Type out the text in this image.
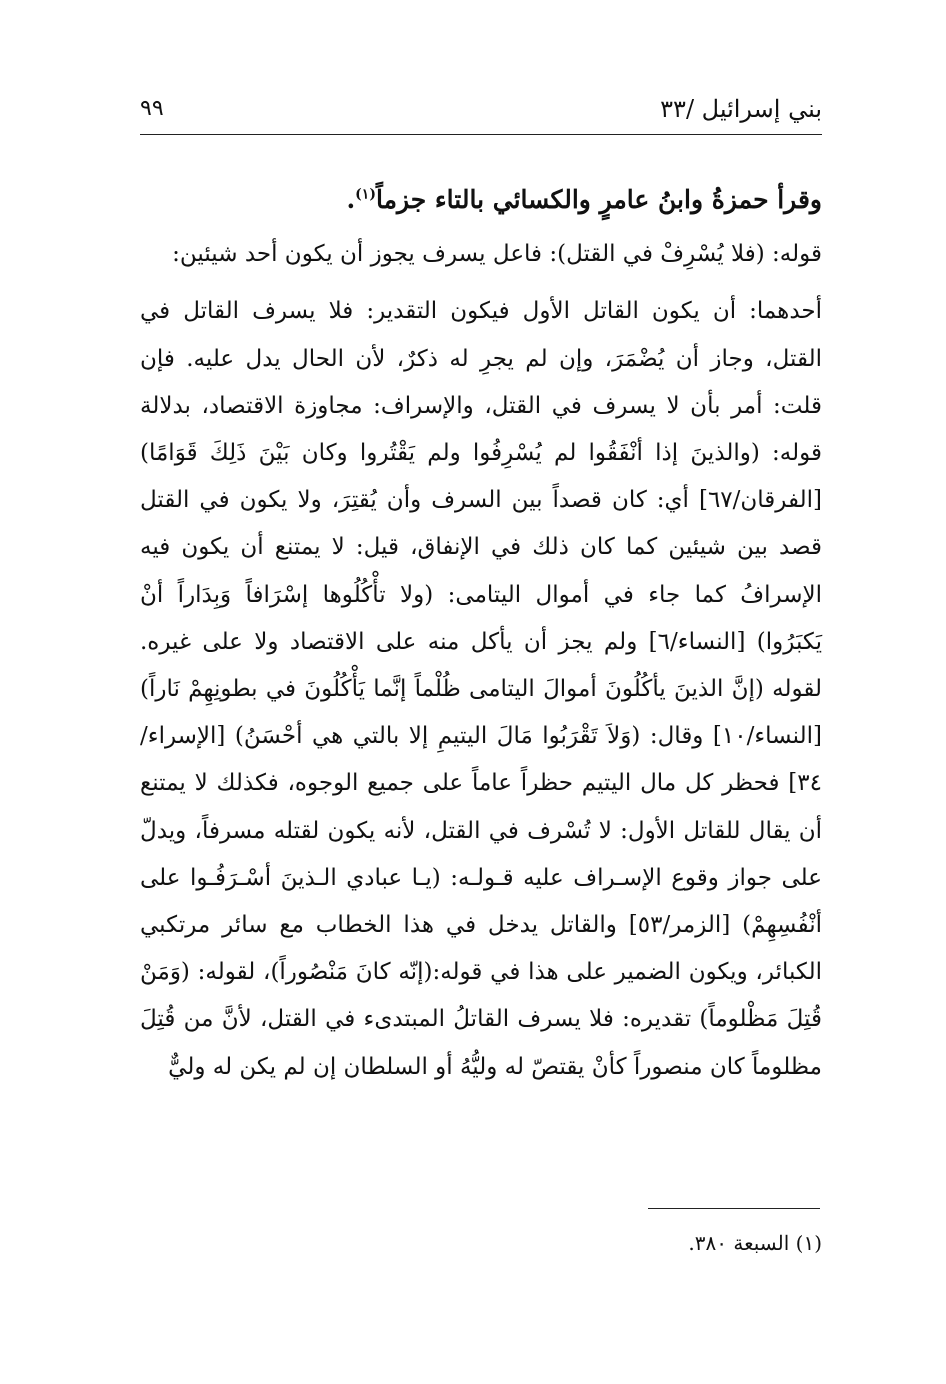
بني إسرائيل /٣٣
٩٩

وقرأ حمزةُ وابنُ عامرٍ والكسائي بالتاء جزماً$^{(١)}$.

قوله: (فلا يُسْرِفْ في القتل): فاعل يسرف يجوز أن يكون أحد شيئين:

أحدهما: أن يكون القاتل الأول فيكون التقدير: فلا يسرف القاتل في القتل، وجاز أن يُضْمَرَ، وإن لم يجرِ له ذكرٌ، لأن الحال يدل عليه. فإن قلت: أمر بأن لا يسرف في القتل، والإسراف: مجاوزة الاقتصاد، بدلالة قوله: (والذينَ إذا أنْفَقُوا لم يُسْرِفُوا ولم يَقْتُروا وكان بَيْنَ ذَلِكَ قَوَامًا) [الفرقان/٦٧] أي: كان قصداً بين السرف وأن يُقتِرَ، ولا يكون في القتل قصد بين شيئين كما كان ذلك في الإنفاق، قيل: لا يمتنع أن يكون فيه الإسرافُ كما جاء في أموال اليتامى: (ولا تأْكُلُوها إسْرَافاً وَبِدَاراً أنْ يَكبَرُوا) [النساء/٦] ولم يجز أن يأكل منه على الاقتصاد ولا على غيره. لقوله (إنَّ الذينَ يأكُلُونَ أموالَ اليتامى ظُلْماً إنَّما يَأْكُلُونَ في بطونِهِمْ نَاراً) [النساء/١٠] وقال: (وَلاَ تَقْرَبُوا مَالَ اليتيمِ إلا بالتي هي أحْسَنُ) [الإسراء/٣٤] فحظر كل مال اليتيم حظراً عاماً على جميع الوجوه، فكذلك لا يمتنع أن يقال للقاتل الأول: لا تُسْرف في القتل، لأنه يكون لقتله مسرفاً، ويدلّ على جواز وقوع الإسـراف عليه قـولـه: (يـا عبادي الـذينَ أسْـرَفُـوا على أنْفُسِهِمْ) [الزمر/٥٣] والقاتل يدخل في هذا الخطاب مع سائر مرتكبي الكبائر، ويكون الضمير على هذا في قوله:(إنّه كانَ مَنْصُوراً)، لقوله: (وَمَنْ قُتِلَ مَظْلوماً) تقديره: فلا يسرف القاتلُ المبتدىء في القتل، لأنَّ من قُتِلَ مظلوماً كان منصوراً كأنْ يقتصّ له وليُّهُ أو السلطان إن لم يكن له وليٌّ

(١) السبعة ٣٨٠.
